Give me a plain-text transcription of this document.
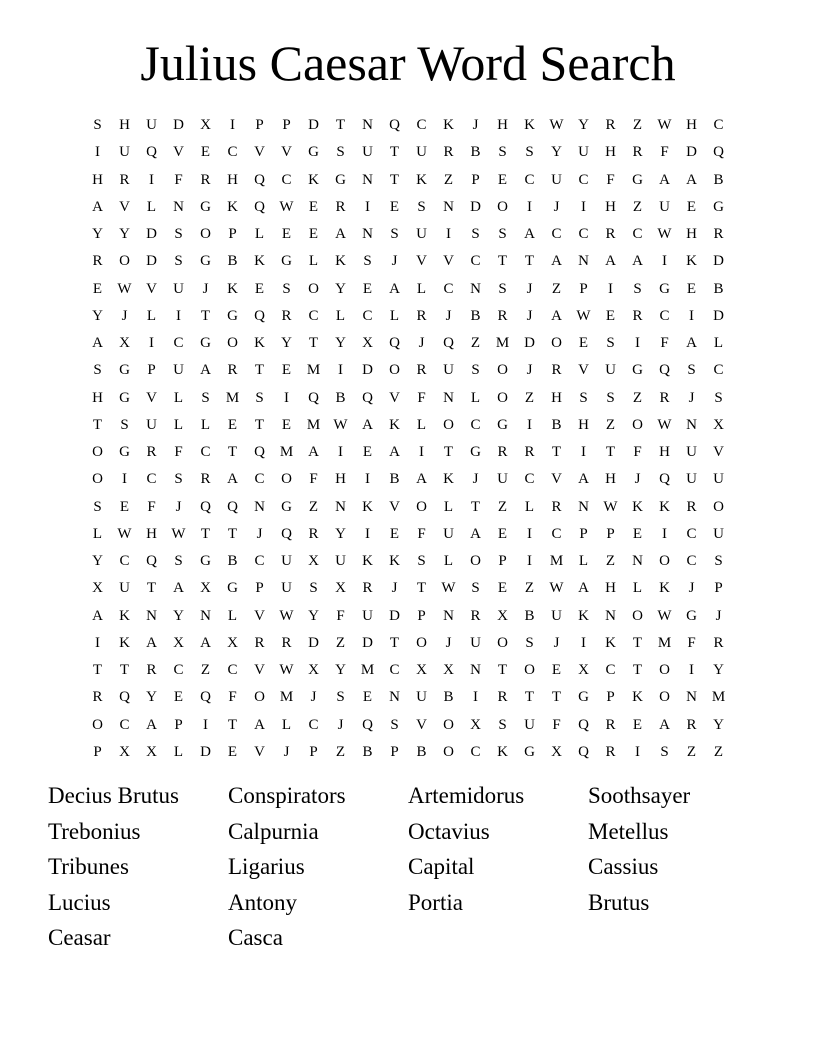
Julius Caesar Word Search
S	H	U	D	X	I	P	P	D	T	N	Q	C	K	J	H	K W Y	R	Z	W H	C
I	U	Q	V	E	C	V	V	G	S	U	T	U	R	B	S	S	Y	U	H	R	F	D	Q
H	R	I	F	R	H	Q	C	K	G	N	T	K	Z	P	E	C	U	C	F	G	A	A	B
A	V	L	N	G	K	Q W	E	R	I	E	S	N	D	O	I	J	I	H	Z	U	E	G
Y	Y	D	S	O	P	L	E	E	A	N	S	U	I	S	S	A	C	C	R	C W H	R
R	O	D	S	G	B	K	G	L	K	S	J	V	V	C	T	T	A	N	A	A	I	K	D
E	W V	U	J	K	E	S	O	Y	E	A	L	C	N	S	J	Z	P	I	S	G	E	B
Y	J	L	I	T	G	Q	R	C	L	C	L	R	J	B	R	J	A W	E	R	C	I	D
A	X	I	C	G	O	K	Y	T	Y	X	Q	J	Q	Z	M D	O	E	S	I	F	A	L
S	G	P	U	A	R	T	E	M	I	D	O	R	U	S	O	J	R	V	U	G	Q	S	C
H	G	V	L	S	M	S	I	Q	B	Q	V	F	N	L	O	Z	H	S	S	Z	R	J	S
T	S	U	L	L	E	T	E	M W A	K	L	O	C	G	I	B	H	Z	O W N	X
O	G	R	F	C	T	Q M A	I	E	A	I	T	G	R	R	T	I	T	F	H	U	V
O	I	C	S	R	A	C	O	F	H	I	B	A	K	J	U	C	V	A	H	J	Q	U	U
S	E	F	J	Q	Q	N	G	Z	N	K	V	O	L	T	Z	L	R	N W K	K	R	O
L	W H W	T	T	J	Q	R	Y	I	E	F	U	A	E	I	C	P	P	E	I	C	U
Y	C	Q	S	G	B	C	U	X	U	K	K	S	L	O	P	I	M	L	Z	N	O	C	S
X	U	T	A	X	G	P	U	S	X	R	J	T	W	S	E	Z	W A	H	L	K	J	P
A	K	N	Y	N	L	V W Y	F	U	D	P	N	R	X	B	U	K	N	O W G	J
I	K	A	X	A	X	R	R	D	Z	D	T	O	J	U	O	S	J	I	K	T	M	F	R
T	T	R	C	Z	C	V W X	Y M	C	X	X	N	T	O	E	X	C	T	O	I	Y
R	Q	Y	E	Q	F	O M	J	S	E	N	U	B	I	R	T	T	G	P	K	O	N M
O	C	A	P	I	T	A	L	C	J	Q	S	V	O	X	S	U	F	Q	R	E	A	R	Y
P	X	X	L	D	E	V	J	P	Z	B	P	B	O	C	K	G	X	Q	R	I	S	Z	Z
Decius Brutus	Conspirators	Artemidorus	Soothsayer
Trebonius	Calpurnia	Octavius	Metellus
Tribunes	Ligarius	Capital	Cassius
Lucius	Antony	Portia	Brutus
Ceasar	Casca
